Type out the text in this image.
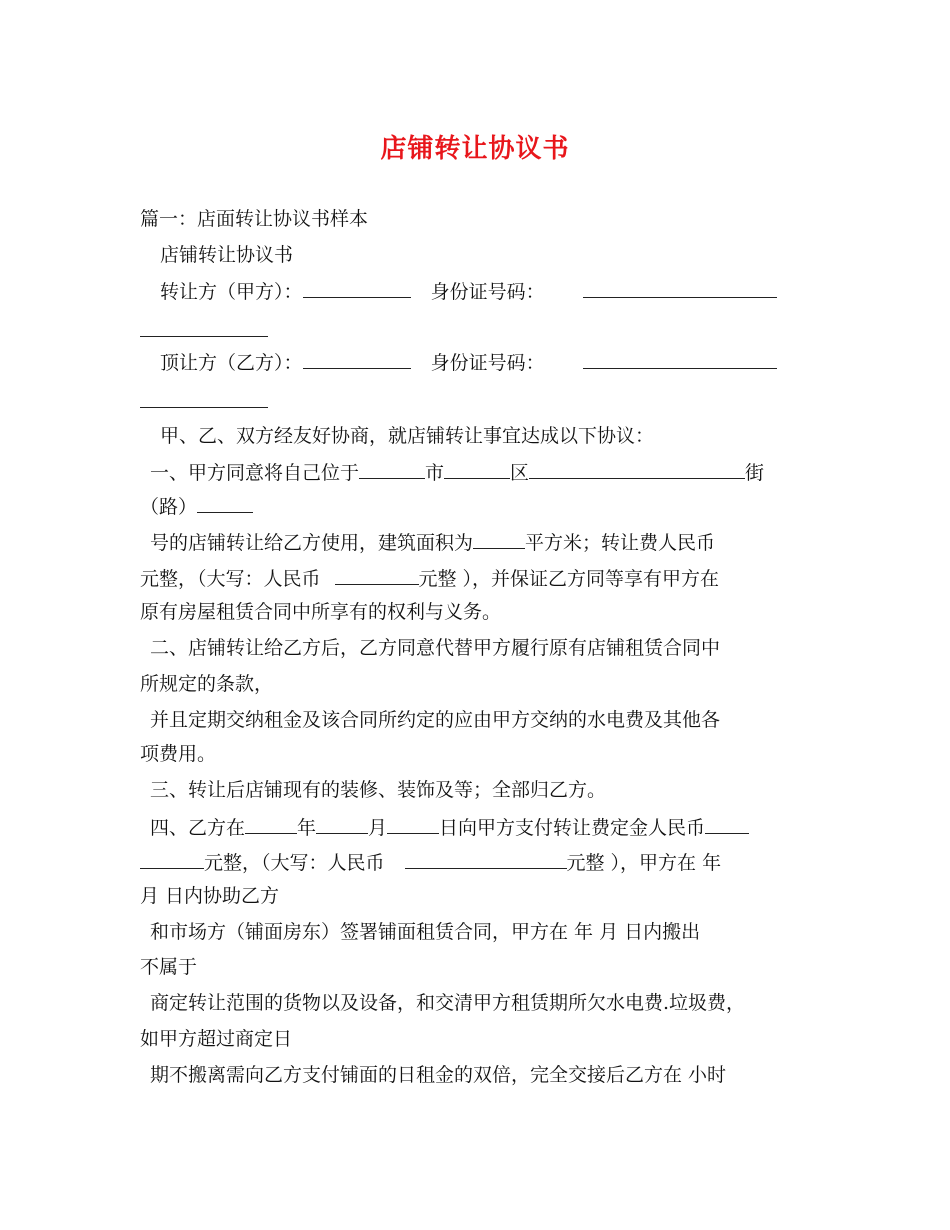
店铺转让协议书
篇一：店面转让协议书样本
店铺转让协议书
转让方（甲方）：	身份证号码：
顶让方（乙方）：	身份证号码：
甲、乙、双方经友好协商，就店铺转让事宜达成以下协议：
一、甲方同意将自己位于	市	区	街
（路）
号的店铺转让给乙方使用，建筑面积为	平方米；转让费人民币
元整，（大写：人民币	元整 ），并保证乙方同等享有甲方在
原有房屋租赁合同中所享有的权利与义务。
二、店铺转让给乙方后，乙方同意代替甲方履行原有店铺租赁合同中
所规定的条款，
并且定期交纳租金及该合同所约定的应由甲方交纳的水电费及其他各
项费用。
三、转让后店铺现有的装修、装饰及等；全部归乙方。
四、乙方在	年	月	日向甲方支付转让费定金人民币
元整，（大写：人民币	元整 ），甲方在 年
月 日内协助乙方
和市场方（铺面房东）签署铺面租赁合同，甲方在 年 月 日内搬出
不属于
商定转让范围的货物以及设备，和交清甲方租赁期所欠水电费.垃圾费，
如甲方超过商定日
期不搬离需向乙方支付铺面的日租金的双倍，完全交接后乙方在 小时
